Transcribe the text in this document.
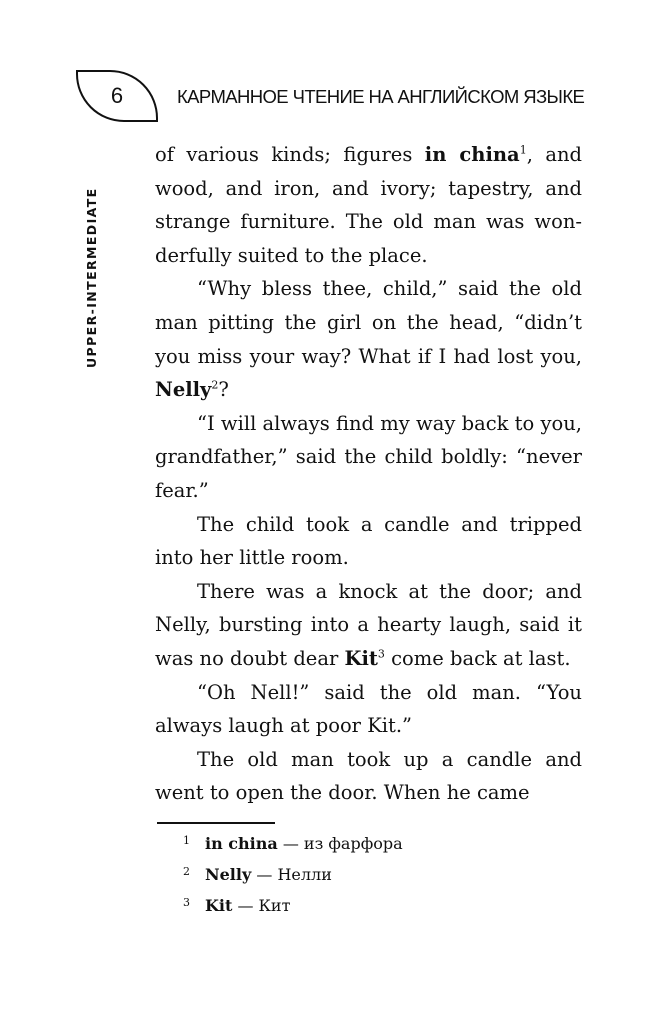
6	КАРМАННОЕ ЧТЕНИЕ НА АНГЛИЙСКОМ ЯЗЫКЕ
UPPER-INTERMEDIATE

of various kinds; figures in china$^1$, and wood, and iron, and ivory; tapestry, and strange furniture. The old man was won-derfully suited to the place.

“Why bless thee, child,” said the old man pitting the girl on the head, “didn’t you miss your way? What if I had lost you, Nelly$^2$?

“I will always find my way back to you, grandfather,” said the child boldly: “never fear.”

The child took a candle and tripped into her little room.

There was a knock at the door; and Nelly, bursting into a hearty laugh, said it was no doubt dear Kit$^3$ come back at last.

“Oh Nell!” said the old man. “You always laugh at poor Kit.”

The old man took up a candle and went to open the door. When he came

1 in china — из фарфора
2 Nelly — Нелли
3 Kit — Кит
